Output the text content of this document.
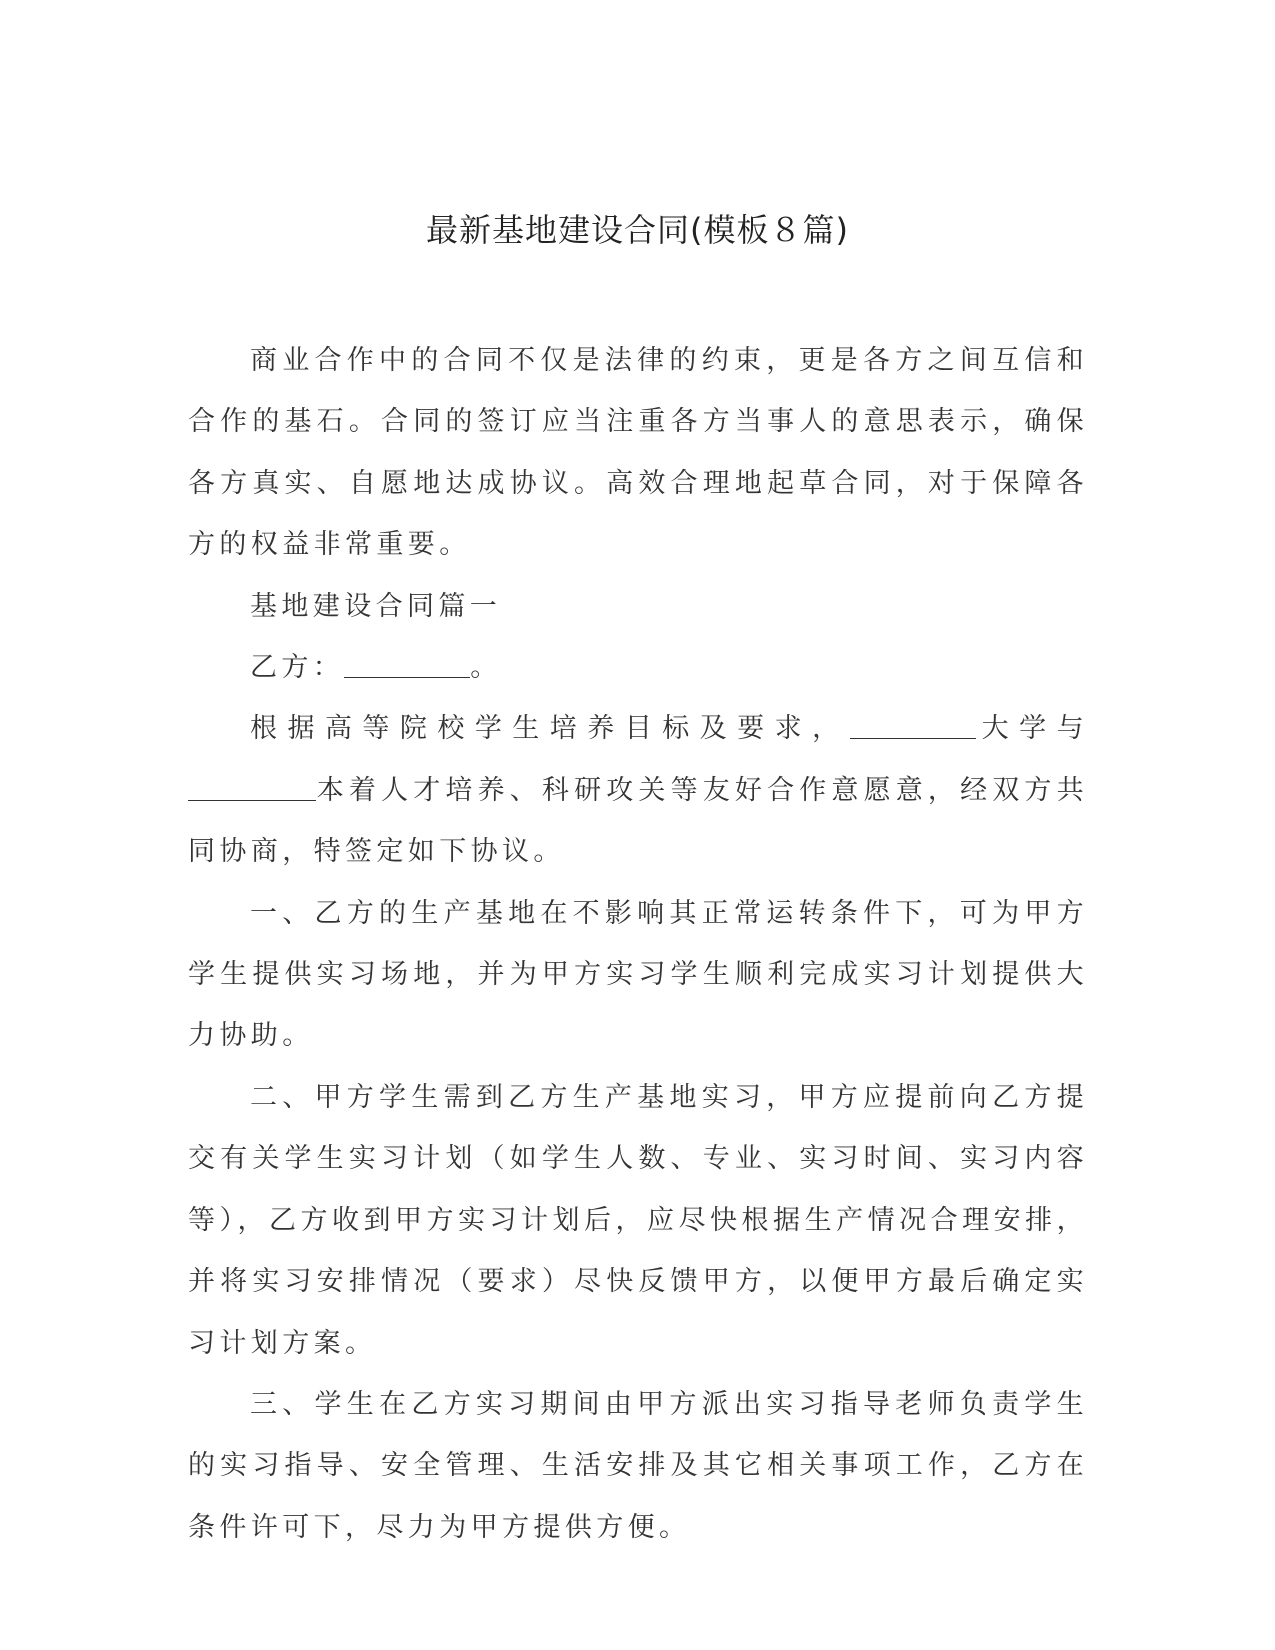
最新基地建设合同(模板８篇)

商业合作中的合同不仅是法律的约束，更是各方之间互信和合作的基石。合同的签订应当注重各方当事人的意思表示，确保各方真实、自愿地达成协议。高效合理地起草合同，对于保障各方的权益非常重要。

基地建设合同篇一

乙方：	。

根据高等院校学生培养目标及要求，	大学与本着人才培养、科研攻关等友好合作意愿意，经双方共同协商，特签定如下协议。

一、乙方的生产基地在不影响其正常运转条件下，可为甲方学生提供实习场地，并为甲方实习学生顺利完成实习计划提供大力协助。

二、甲方学生需到乙方生产基地实习，甲方应提前向乙方提交有关学生实习计划（如学生人数、专业、实习时间、实习内容等），乙方收到甲方实习计划后，应尽快根据生产情况合理安排，并将实习安排情况（要求）尽快反馈甲方，以便甲方最后确定实习计划方案。

三、学生在乙方实习期间由甲方派出实习指导老师负责学生的实习指导、安全管理、生活安排及其它相关事项工作，乙方在条件许可下，尽力为甲方提供方便。
